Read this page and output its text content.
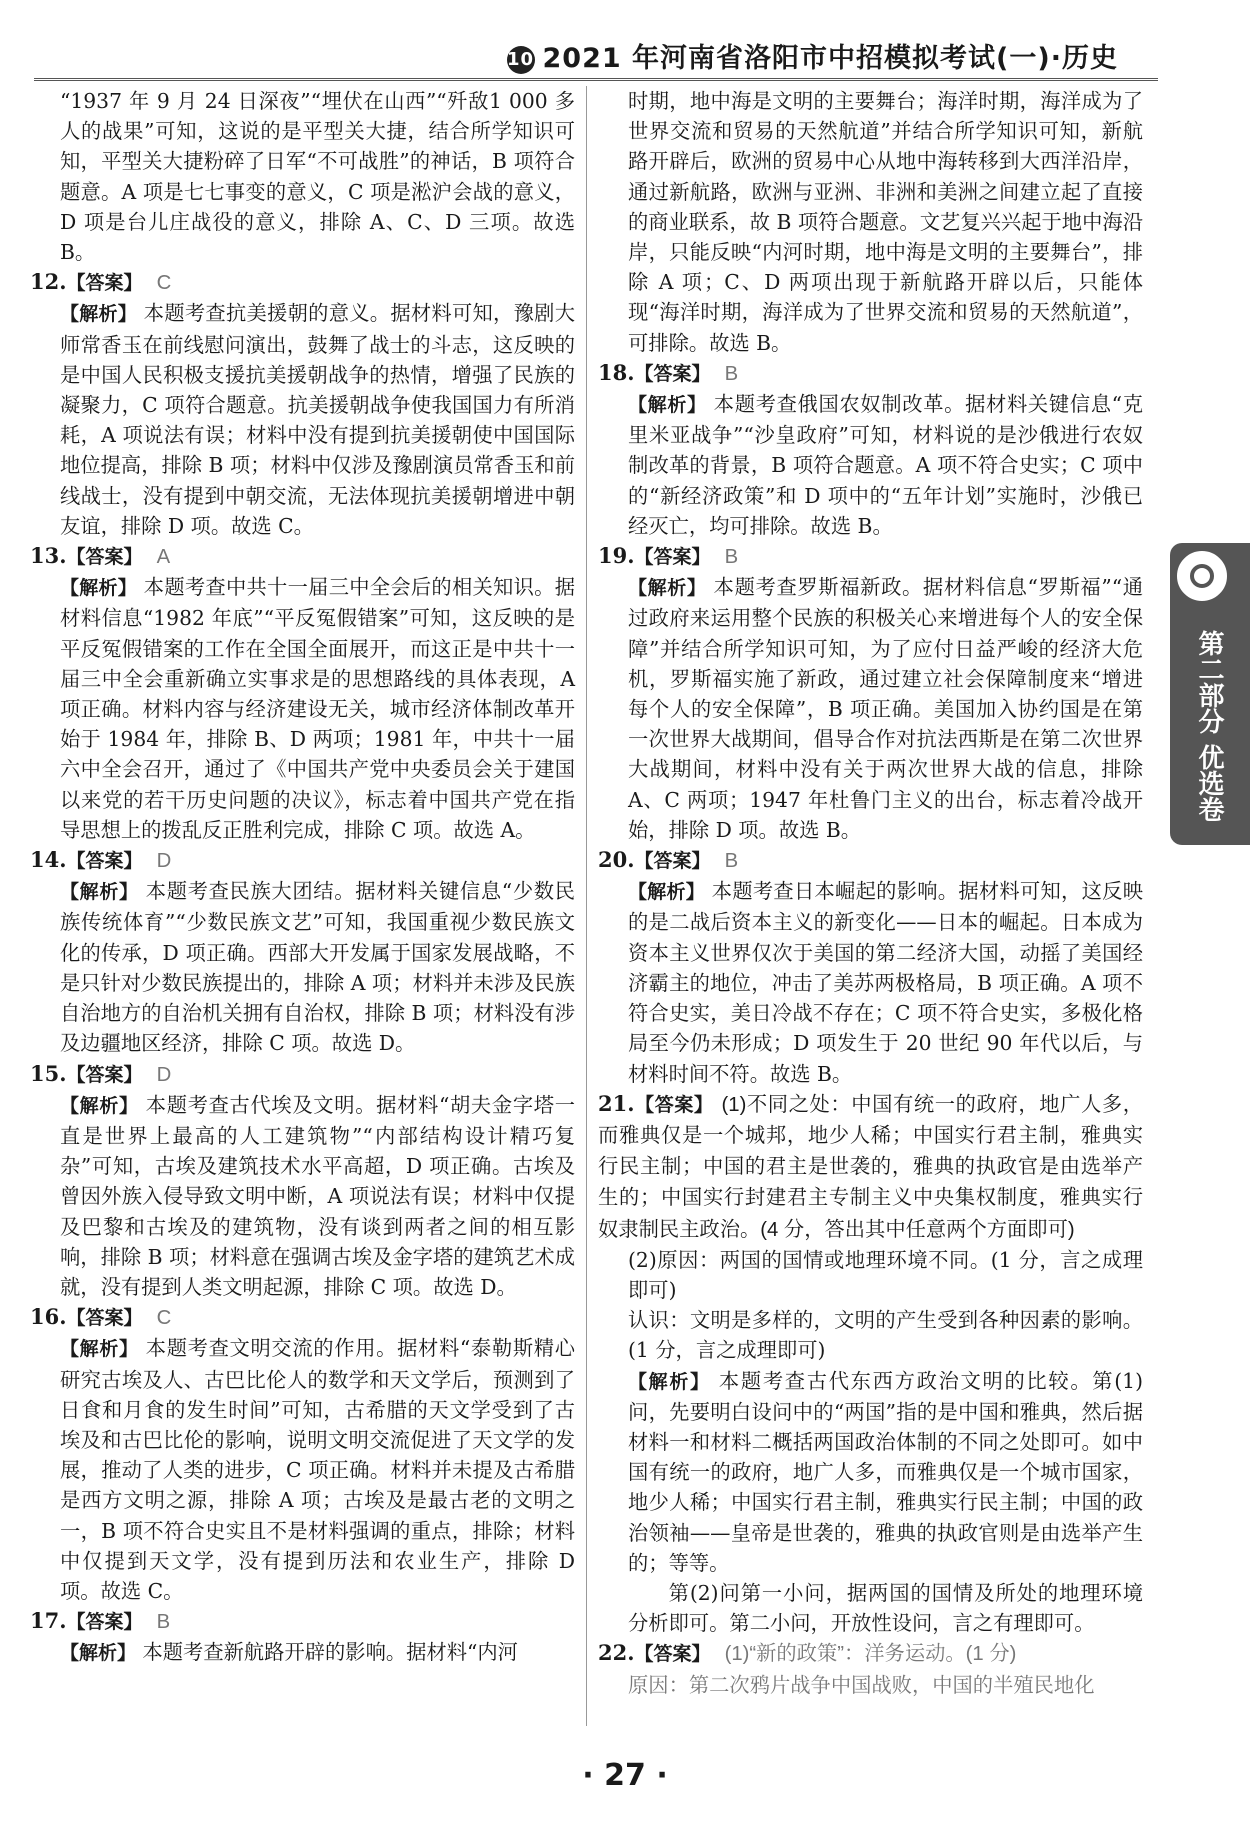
10 2021 年河南省洛阳市中招模拟考试(一)·历史

“1937 年 9 月 24 日深夜”“埋伏在山西”“歼敌1 000 多人的战果”可知，这说的是平型关大捷，结合所学知识可知，平型关大捷粉碎了日军“不可战胜”的神话，B 项符合题意。A 项是七七事变的意义，C 项是淞沪会战的意义，D 项是台儿庄战役的意义，排除 A、C、D 三项。故选 B。

12.【答案】 C

【解析】 本题考查抗美援朝的意义。据材料可知，豫剧大师常香玉在前线慰问演出，鼓舞了战士的斗志，这反映的是中国人民积极支援抗美援朝战争的热情，增强了民族的凝聚力，C 项符合题意。抗美援朝战争使我国国力有所消耗，A 项说法有误；材料中没有提到抗美援朝使中国国际地位提高，排除 B 项；材料中仅涉及豫剧演员常香玉和前线战士，没有提到中朝交流，无法体现抗美援朝增进中朝友谊，排除 D 项。故选 C。

13.【答案】 A

【解析】 本题考查中共十一届三中全会后的相关知识。据材料信息“1982 年底”“平反冤假错案”可知，这反映的是平反冤假错案的工作在全国全面展开，而这正是中共十一届三中全会重新确立实事求是的思想路线的具体表现，A 项正确。材料内容与经济建设无关，城市经济体制改革开始于 1984 年，排除 B、D 两项；1981 年，中共十一届六中全会召开，通过了《中国共产党中央委员会关于建国以来党的若干历史问题的决议》，标志着中国共产党在指导思想上的拨乱反正胜利完成，排除 C 项。故选 A。

14.【答案】 D

【解析】 本题考查民族大团结。据材料关键信息“少数民族传统体育”“少数民族文艺”可知，我国重视少数民族文化的传承，D 项正确。西部大开发属于国家发展战略，不是只针对少数民族提出的，排除 A 项；材料并未涉及民族自治地方的自治机关拥有自治权，排除 B 项；材料没有涉及边疆地区经济，排除 C 项。故选 D。

15.【答案】 D

【解析】 本题考查古代埃及文明。据材料“胡夫金字塔一直是世界上最高的人工建筑物”“内部结构设计精巧复杂”可知，古埃及建筑技术水平高超，D 项正确。古埃及曾因外族入侵导致文明中断，A 项说法有误；材料中仅提及巴黎和古埃及的建筑物，没有谈到两者之间的相互影响，排除 B 项；材料意在强调古埃及金字塔的建筑艺术成就，没有提到人类文明起源，排除 C 项。故选 D。

16.【答案】 C

【解析】 本题考查文明交流的作用。据材料“泰勒斯精心研究古埃及人、古巴比伦人的数学和天文学后，预测到了日食和月食的发生时间”可知，古希腊的天文学受到了古埃及和古巴比伦的影响，说明文明交流促进了天文学的发展，推动了人类的进步，C 项正确。材料并未提及古希腊是西方文明之源，排除 A 项；古埃及是最古老的文明之一，B 项不符合史实且不是材料强调的重点，排除；材料中仅提到天文学，没有提到历法和农业生产，排除 D 项。故选 C。

17.【答案】 B

【解析】 本题考查新航路开辟的影响。据材料“内河

时期，地中海是文明的主要舞台；海洋时期，海洋成为了世界交流和贸易的天然航道”并结合所学知识可知，新航路开辟后，欧洲的贸易中心从地中海转移到大西洋沿岸，通过新航路，欧洲与亚洲、非洲和美洲之间建立起了直接的商业联系，故 B 项符合题意。文艺复兴兴起于地中海沿岸，只能反映“内河时期，地中海是文明的主要舞台”，排除 A 项；C、D 两项出现于新航路开辟以后，只能体现“海洋时期，海洋成为了世界交流和贸易的天然航道”，可排除。故选 B。

18.【答案】 B

【解析】 本题考查俄国农奴制改革。据材料关键信息“克里米亚战争”“沙皇政府”可知，材料说的是沙俄进行农奴制改革的背景，B 项符合题意。A 项不符合史实；C 项中的“新经济政策”和 D 项中的“五年计划”实施时，沙俄已经灭亡，均可排除。故选 B。

19.【答案】 B

【解析】 本题考查罗斯福新政。据材料信息“罗斯福”“通过政府来运用整个民族的积极关心来增进每个人的安全保障”并结合所学知识可知，为了应付日益严峻的经济大危机，罗斯福实施了新政，通过建立社会保障制度来“增进每个人的安全保障”，B 项正确。美国加入协约国是在第一次世界大战期间，倡导合作对抗法西斯是在第二次世界大战期间，材料中没有关于两次世界大战的信息，排除 A、C 两项；1947 年杜鲁门主义的出台，标志着冷战开始，排除 D 项。故选 B。

20.【答案】 B

【解析】 本题考查日本崛起的影响。据材料可知，这反映的是二战后资本主义的新变化——日本的崛起。日本成为资本主义世界仅次于美国的第二经济大国，动摇了美国经济霸主的地位，冲击了美苏两极格局，B 项正确。A 项不符合史实，美日冷战不存在；C 项不符合史实，多极化格局至今仍未形成；D 项发生于 20 世纪 90 年代以后，与材料时间不符。故选 B。

21.【答案】 (1)不同之处：中国有统一的政府，地广人多，而雅典仅是一个城邦，地少人稀；中国实行君主制，雅典实行民主制；中国的君主是世袭的，雅典的执政官是由选举产生的；中国实行封建君主专制主义中央集权制度，雅典实行奴隶制民主政治。(4 分，答出其中任意两个方面即可)

(2)原因：两国的国情或地理环境不同。(1 分，言之成理即可)

认识：文明是多样的，文明的产生受到各种因素的影响。(1 分，言之成理即可)

【解析】 本题考查古代东西方政治文明的比较。第(1)问，先要明白设问中的“两国”指的是中国和雅典，然后据材料一和材料二概括两国政治体制的不同之处即可。如中国有统一的政府，地广人多，而雅典仅是一个城市国家，地少人稀；中国实行君主制，雅典实行民主制；中国的政治领袖——皇帝是世袭的，雅典的执政官则是由选举产生的；等等。

第(2)问第一小问，据两国的国情及所处的地理环境分析即可。第二小问，开放性设问，言之有理即可。

22.【答案】 (1)“新的政策”：洋务运动。(1 分)

原因：第二次鸦片战争中国战败，中国的半殖民地化

第二部分
优选卷
· 27 ·
